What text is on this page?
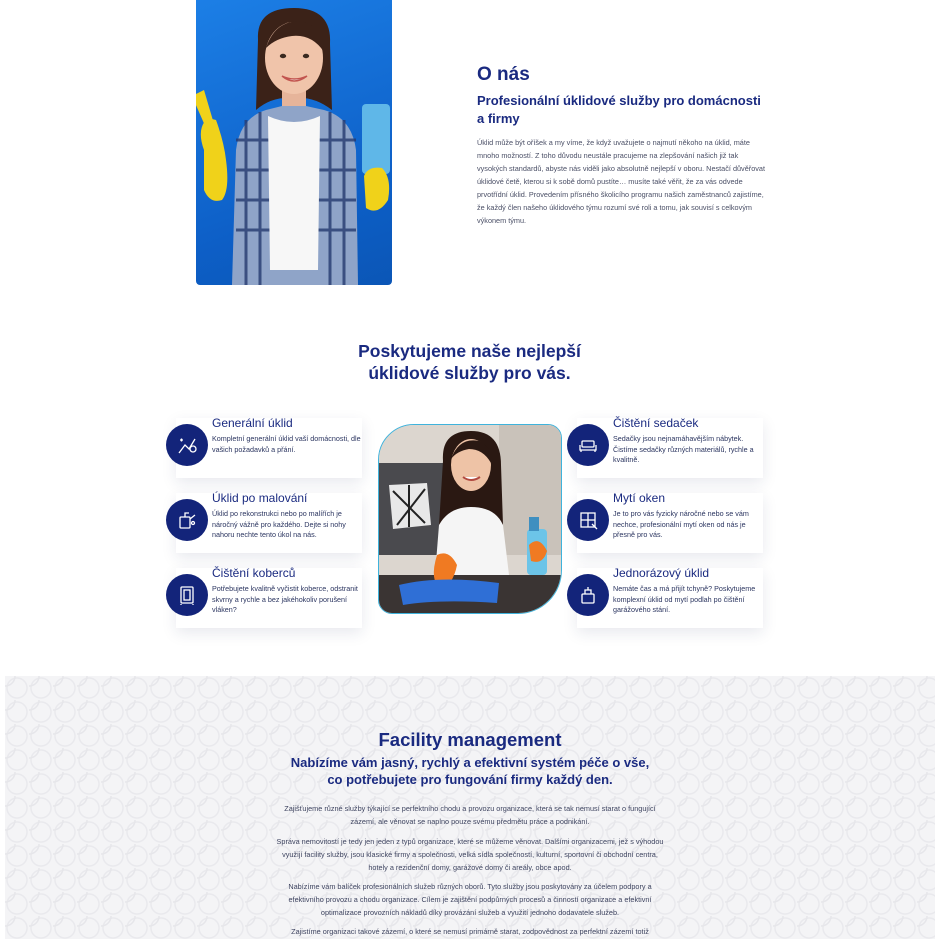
O nás
Profesionální úklidové služby pro domácnosti a firmy

Úklid může být oříšek a my víme, že když uvažujete o najmutí někoho na úklid, máte mnoho možností. Z toho důvodu neustále pracujeme na zlepšování našich již tak vysokých standardů, abyste nás viděli jako absolutně nejlepší v oboru. Nestačí důvěřovat úklidové četě, kterou si k sobě domů pustíte… musíte také věřit, že za vás odvede prvotřídní úklid. Provedením přísného školicího programu našich zaměstnanců zajistíme, že každý člen našeho úklidového týmu rozumí své roli a tomu, jak souvisí s celkovým výkonem týmu.

Poskytujeme naše nejlepší
úklidové služby pro vás.
Generální úklid
Kompletní generální úklid vaší domácnosti, dle vašich požadavků a přání.
Úklid po malování
Úklid po rekonstrukci nebo po malířích je náročný vážně pro každého. Dejte si nohy nahoru nechte tento úkol na nás.
Čištění koberců
Potřebujete kvalitně vyčistit koberce, odstranit skvrny a rychle a bez jakéhokoliv porušení vláken?
Čištění sedaček
Sedačky jsou nejnamáhavějším nábytek. Čistíme sedačky různých materiálů, rychle a kvalitně.
Mytí oken
Je to pro vás fyzicky náročné nebo se vám nechce, profesionální mytí oken od nás je přesně pro vás.
Jednorázový úklid
Nemáte čas a má přijít tchyně? Poskytujeme komplexní úklid od mytí podlah po čištění garážového stání.
Facility management
Nabízíme vám jasný, rychlý a efektivní systém péče o vše,
co potřebujete pro fungování firmy každý den.

Zajišťujeme různé služby týkající se perfektního chodu a provozu organizace, která se tak nemusí starat o fungující zázemí, ale věnovat se naplno pouze svému předmětu práce a podnikání.

Správa nemovitostí je tedy jen jeden z typů organizace, které se můžeme věnovat. Dalšími organizacemi, jež s výhodou využijí facility služby, jsou klasické firmy a společnosti, velká sídla společností, kulturní, sportovní či obchodní centra, hotely a rezidenční domy, garážové domy či areály, obce apod.

Nabízíme vám balíček profesionálních služeb různých oborů. Tyto služby jsou poskytovány za účelem podpory a efektivního provozu a chodu organizace. Cílem je zajištění podpůrných procesů a činností organizace a efektivní optimalizace provozních nákladů díky provázání služeb a využití jednoho dodavatele služeb.

Zajistíme organizaci takové zázemí, o které se nemusí primárně starat, zodpovědnost za perfektní zázemí totiž
